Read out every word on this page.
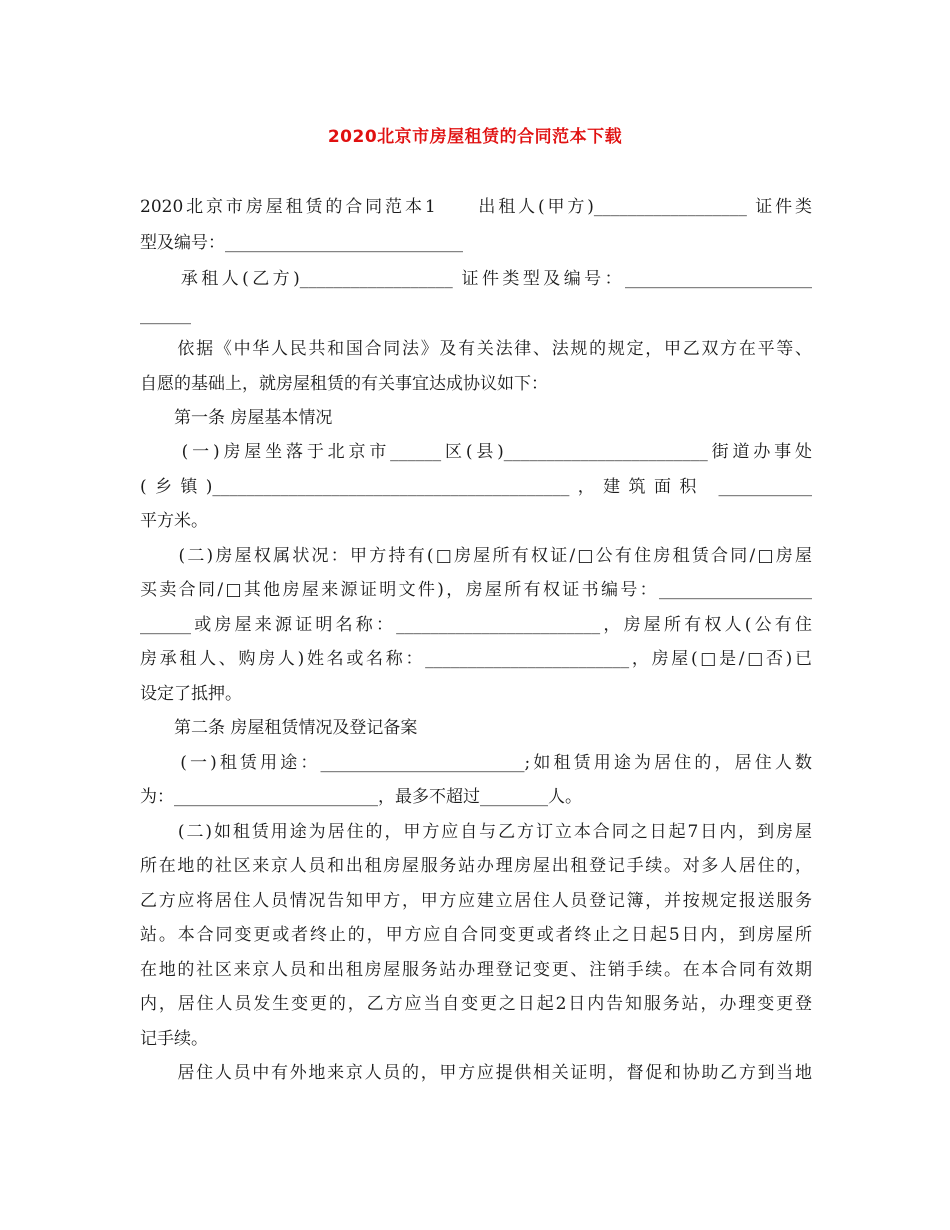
2020北京市房屋租赁的合同范本下载
2020北京市房屋租赁的合同范本1　　出租人(甲方)__________________ 证件类
型及编号：____________________________
　　承租人(乙方)__________________ 证件类型及编号：______________________
______
　　依据《中华人民共和国合同法》及有关法律、法规的规定，甲乙双方在平等、
自愿的基础上，就房屋租赁的有关事宜达成协议如下：
　　第一条 房屋基本情况
　　(一)房屋坐落于北京市______区(县)________________________街道办事处
(乡镇)__________________________________________，建筑面积 ___________
平方米。
　　(二)房屋权属状况：甲方持有(□房屋所有权证/□公有住房租赁合同/□房屋
买卖合同/□其他房屋来源证明文件)，房屋所有权证书编号：__________________
______或房屋来源证明名称：________________________，房屋所有权人(公有住
房承租人、购房人)姓名或名称：________________________，房屋(□是/□否)已
设定了抵押。
　　第二条 房屋租赁情况及登记备案
　　(一)租赁用途：________________________;如租赁用途为居住的，居住人数
为：________________________，最多不超过________人。
　　(二)如租赁用途为居住的，甲方应自与乙方订立本合同之日起7日内，到房屋
所在地的社区来京人员和出租房屋服务站办理房屋出租登记手续。对多人居住的，
乙方应将居住人员情况告知甲方，甲方应建立居住人员登记簿，并按规定报送服务
站。本合同变更或者终止的，甲方应自合同变更或者终止之日起5日内，到房屋所
在地的社区来京人员和出租房屋服务站办理登记变更、注销手续。在本合同有效期
内，居住人员发生变更的，乙方应当自变更之日起2日内告知服务站，办理变更登
记手续。
　　居住人员中有外地来京人员的，甲方应提供相关证明，督促和协助乙方到当地
